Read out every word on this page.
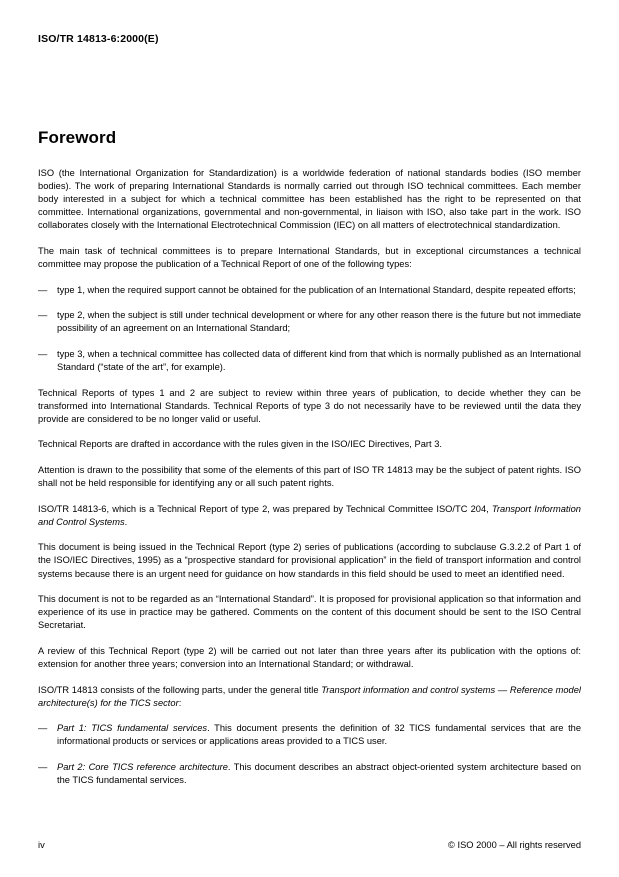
ISO/TR 14813-6:2000(E)
Foreword

ISO (the International Organization for Standardization) is a worldwide federation of national standards bodies (ISO member bodies). The work of preparing International Standards is normally carried out through ISO technical committees. Each member body interested in a subject for which a technical committee has been established has the right to be represented on that committee. International organizations, governmental and non-governmental, in liaison with ISO, also take part in the work. ISO collaborates closely with the International Electrotechnical Commission (IEC) on all matters of electrotechnical standardization.

The main task of technical committees is to prepare International Standards, but in exceptional circumstances a technical committee may propose the publication of a Technical Report of one of the following types:

— type 1, when the required support cannot be obtained for the publication of an International Standard, despite repeated efforts;
— type 2, when the subject is still under technical development or where for any other reason there is the future but not immediate possibility of an agreement on an International Standard;
— type 3, when a technical committee has collected data of different kind from that which is normally published as an International Standard (“state of the art”, for example).

Technical Reports of types 1 and 2 are subject to review within three years of publication, to decide whether they can be transformed into International Standards. Technical Reports of type 3 do not necessarily have to be reviewed until the data they provide are considered to be no longer valid or useful.

Technical Reports are drafted in accordance with the rules given in the ISO/IEC Directives, Part 3.

Attention is drawn to the possibility that some of the elements of this part of ISO TR 14813 may be the subject of patent rights. ISO shall not be held responsible for identifying any or all such patent rights.

ISO/TR 14813-6, which is a Technical Report of type 2, was prepared by Technical Committee ISO/TC 204, Transport Information and Control Systems.

This document is being issued in the Technical Report (type 2) series of publications (according to subclause G.3.2.2 of Part 1 of the ISO/IEC Directives, 1995) as a “prospective standard for provisional application” in the field of transport information and control systems because there is an urgent need for guidance on how standards in this field should be used to meet an identified need.

This document is not to be regarded as an “International Standard”. It is proposed for provisional application so that information and experience of its use in practice may be gathered. Comments on the content of this document should be sent to the ISO Central Secretariat.

A review of this Technical Report (type 2) will be carried out not later than three years after its publication with the options of: extension for another three years; conversion into an International Standard; or withdrawal.

ISO/TR 14813 consists of the following parts, under the general title Transport information and control systems — Reference model architecture(s) for the TICS sector:

— Part 1: TICS fundamental services. This document presents the definition of 32 TICS fundamental services that are the informational products or services or applications areas provided to a TICS user.
— Part 2: Core TICS reference architecture. This document describes an abstract object-oriented system architecture based on the TICS fundamental services.
iv	© ISO 2000 – All rights reserved
